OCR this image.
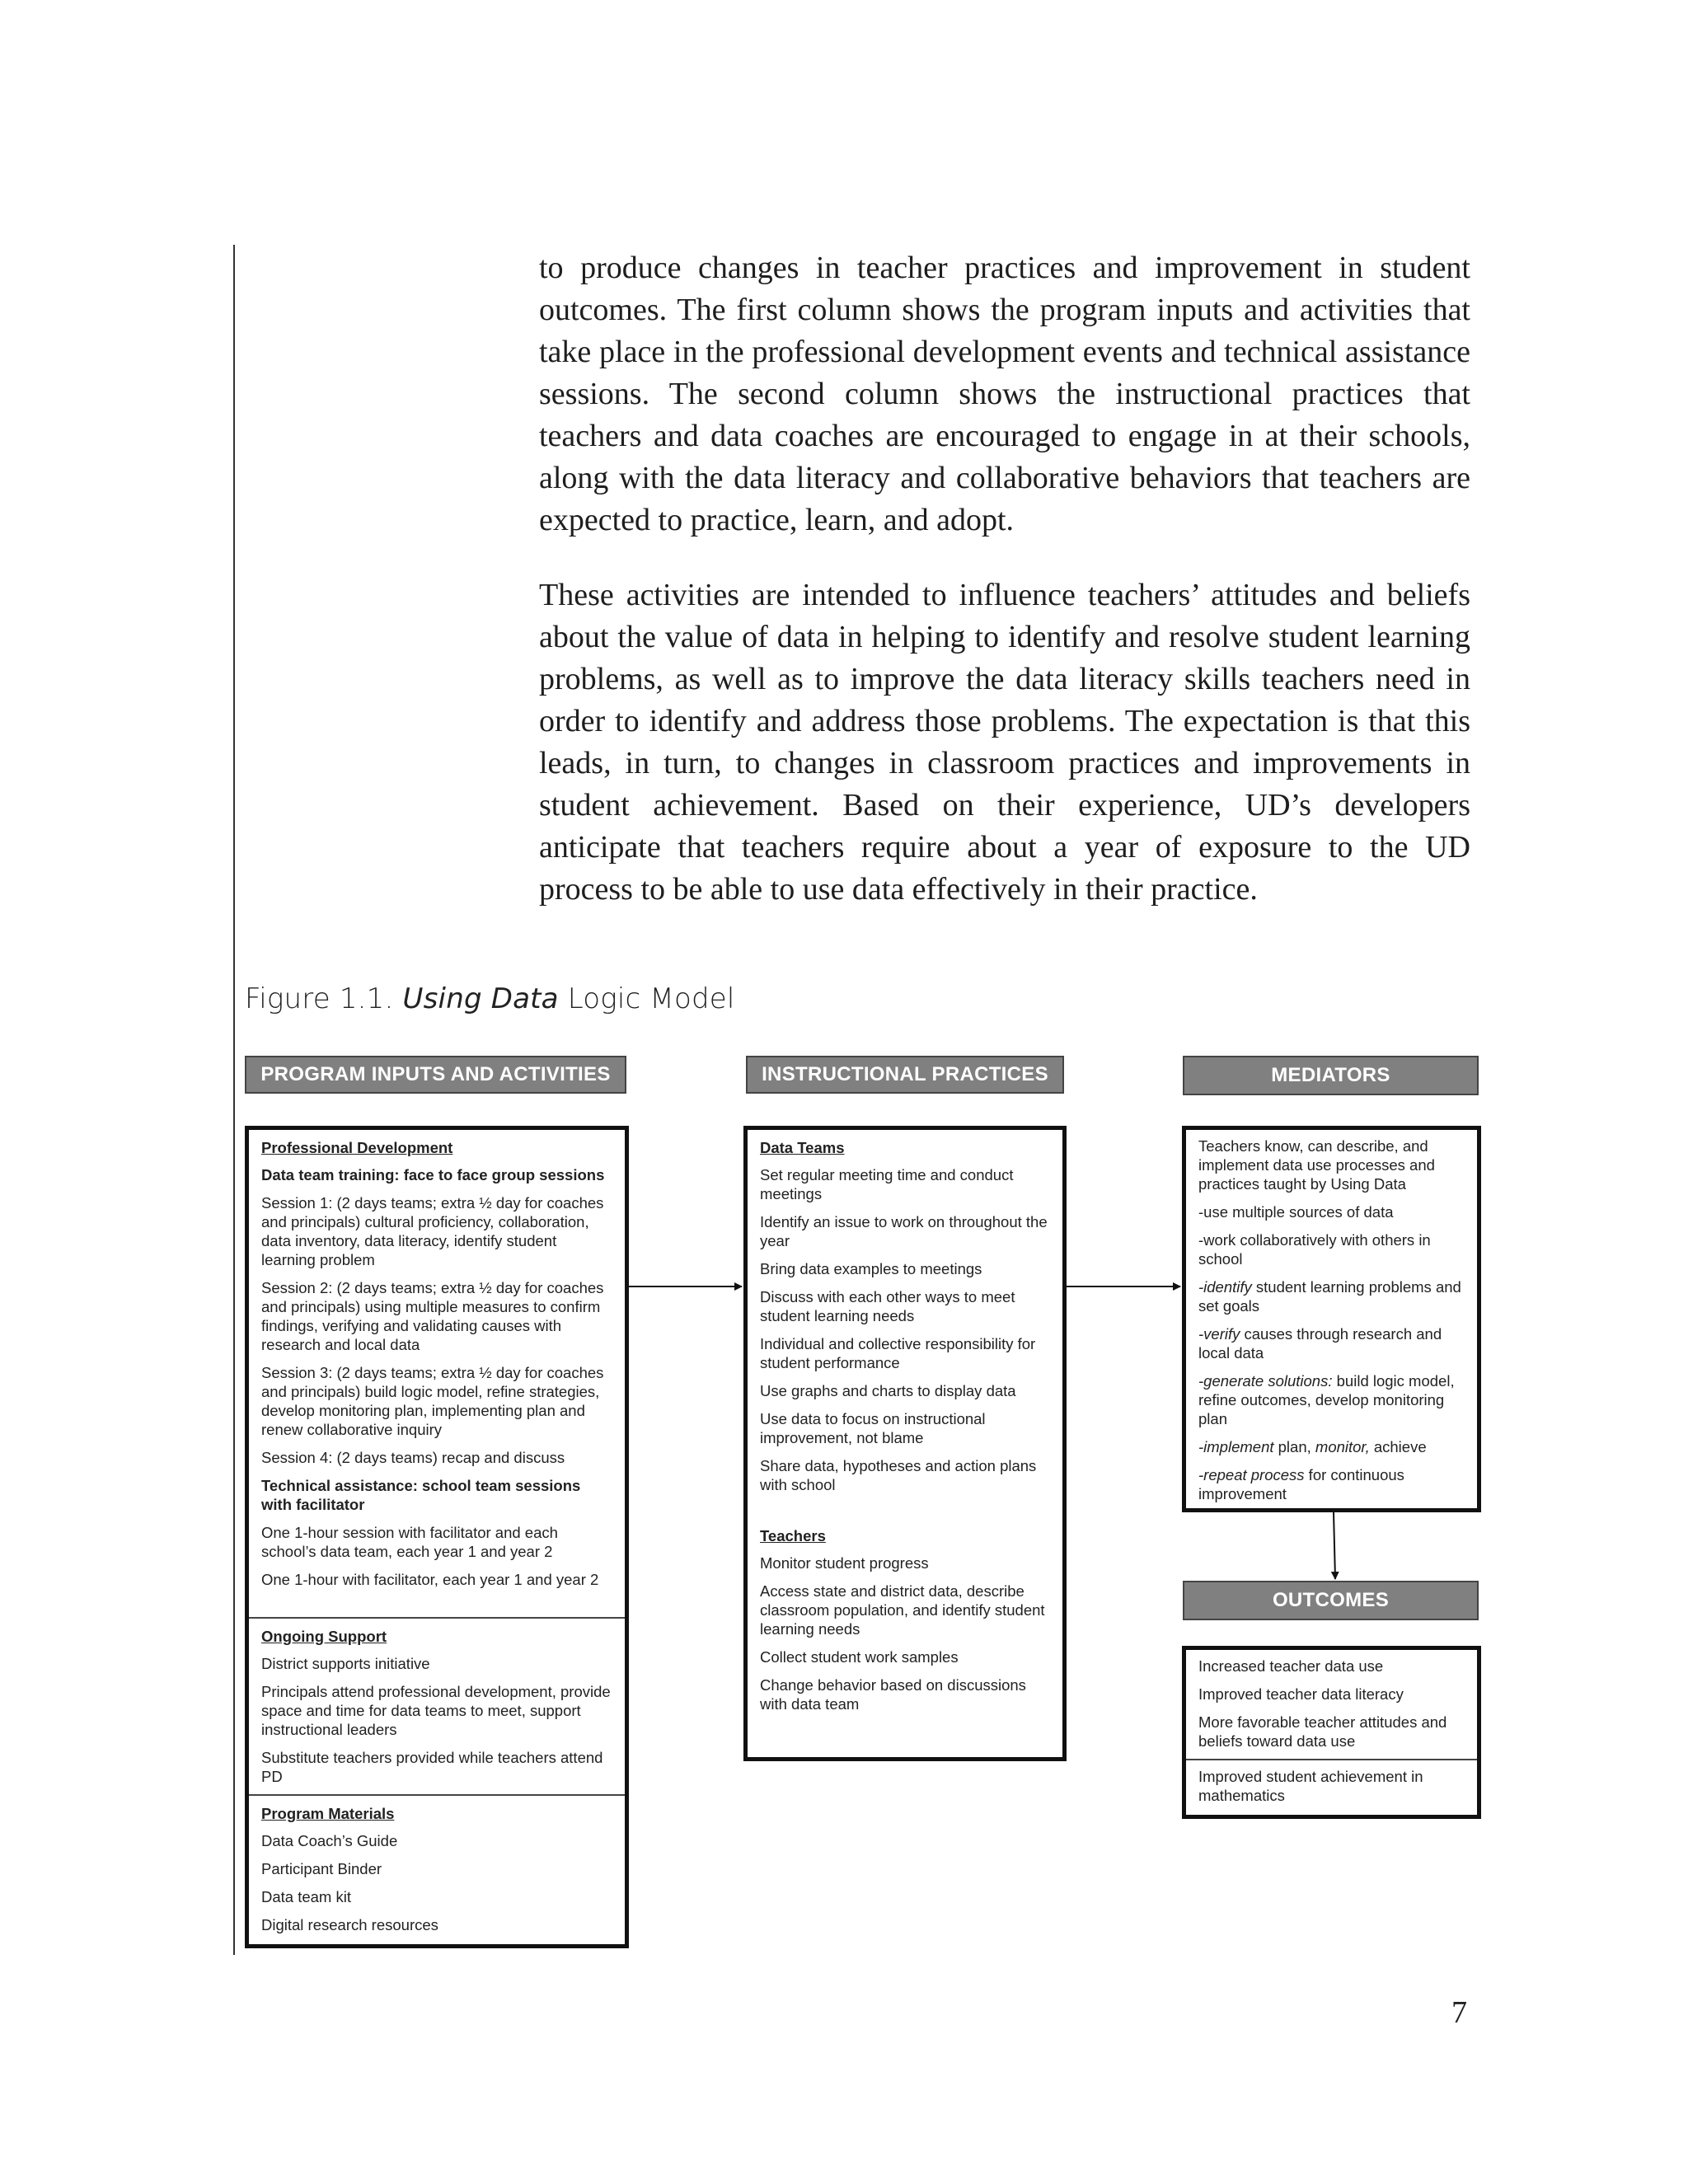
to produce changes in teacher practices and improvement in student outcomes. The first column shows the program inputs and activities that take place in the professional development events and technical assistance sessions. The second column shows the instructional practices that teachers and data coaches are encouraged to engage in at their schools, along with the data literacy and collaborative behaviors that teachers are expected to practice, learn, and adopt.

These activities are intended to influence teachers’ attitudes and beliefs about the value of data in helping to identify and resolve student learning problems, as well as to improve the data literacy skills teachers need in order to identify and address those problems. The expectation is that this leads, in turn, to changes in classroom practices and improvements in student achievement. Based on their experience, UD’s developers anticipate that teachers require about a year of exposure to the UD process to be able to use data effectively in their practice.

Figure 1.1. Using Data Logic Model
PROGRAM INPUTS AND ACTIVITIES	INSTRUCTIONAL PRACTICES	MEDIATORS
OUTCOMES
Professional Development
Data team training: face to face group sessions
Session 1: (2 days teams; extra ½ day for coaches and principals) cultural proficiency, collaboration, data inventory, data literacy, identify student learning problem
Session 2: (2 days teams; extra ½ day for coaches and principals) using multiple measures to confirm findings, verifying and validating causes with research and local data
Session 3: (2 days teams; extra ½ day for coaches and principals) build logic model, refine strategies, develop monitoring plan, implementing plan and renew collaborative inquiry
Session 4: (2 days teams) recap and discuss
Technical assistance: school team sessions with facilitator
One 1-hour session with facilitator and each school’s data team, each year 1 and year 2
One 1-hour with facilitator, each year 1 and year 2
Ongoing Support
District supports initiative
Principals attend professional development, provide space and time for data teams to meet, support instructional leaders
Substitute teachers provided while teachers attend PD
Program Materials
Data Coach’s Guide
Participant Binder
Data team kit
Digital research resources
Data Teams
Set regular meeting time and conduct meetings
Identify an issue to work on throughout the year
Bring data examples to meetings
Discuss with each other ways to meet student learning needs
Individual and collective responsibility for student performance
Use graphs and charts to display data
Use data to focus on instructional improvement, not blame
Share data, hypotheses and action plans with school
Teachers
Monitor student progress
Access state and district data, describe classroom population, and identify student learning needs
Collect student work samples
Change behavior based on discussions with data team
Teachers know, can describe, and implement data use processes and practices taught by Using Data
-use multiple sources of data
-work collaboratively with others in school
-identify student learning problems and set goals
-verify causes through research and local data
-generate solutions: build logic model, refine outcomes, develop monitoring plan
-implement plan, monitor, achieve
-repeat process for continuous improvement
Increased teacher data use
Improved teacher data literacy
More favorable teacher attitudes and beliefs toward data use
Improved student achievement in mathematics
7
